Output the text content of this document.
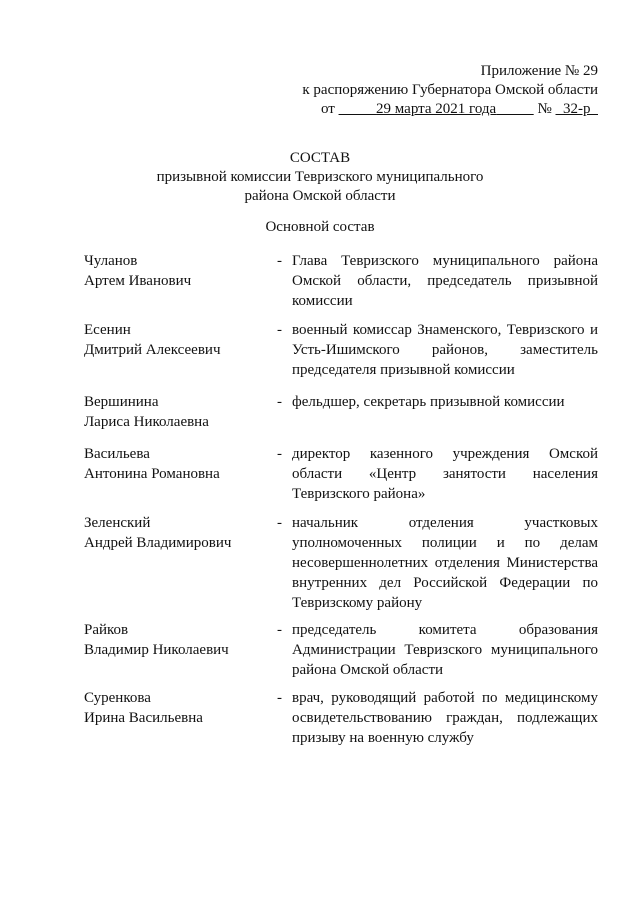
Приложение № 29
к распоряжению Губернатора Омской области
от	29 марта 2021 года	№ 32-р
СОСТАВ
призывной комиссии Тевризского муниципального
района Омской области
Основной состав
Чуланов
Артем Иванович
- Глава Тевризского муниципального района Омской области, председатель призывной комиссии
Есенин
Дмитрий Алексеевич
- военный комиссар Знаменского, Тевризского и Усть-Ишимского районов, заместитель председателя призывной комиссии
Вершинина
Лариса Николаевна
- фельдшер, секретарь призывной комиссии
Васильева
Антонина Романовна
- директор казенного учреждения Омской области «Центр занятости населения Тевризского района»
Зеленский
Андрей Владимирович
- начальник отделения участковых уполномоченных полиции и по делам несовершеннолетних отделения Министерства внутренних дел Российской Федерации по Тевризскому району
Райков
Владимир Николаевич
- председатель комитета образования Администрации Тевризского муниципального района Омской области
Суренкова
Ирина Васильевна
- врач, руководящий работой по медицинскому освидетельствованию граждан, подлежащих призыву на военную службу
